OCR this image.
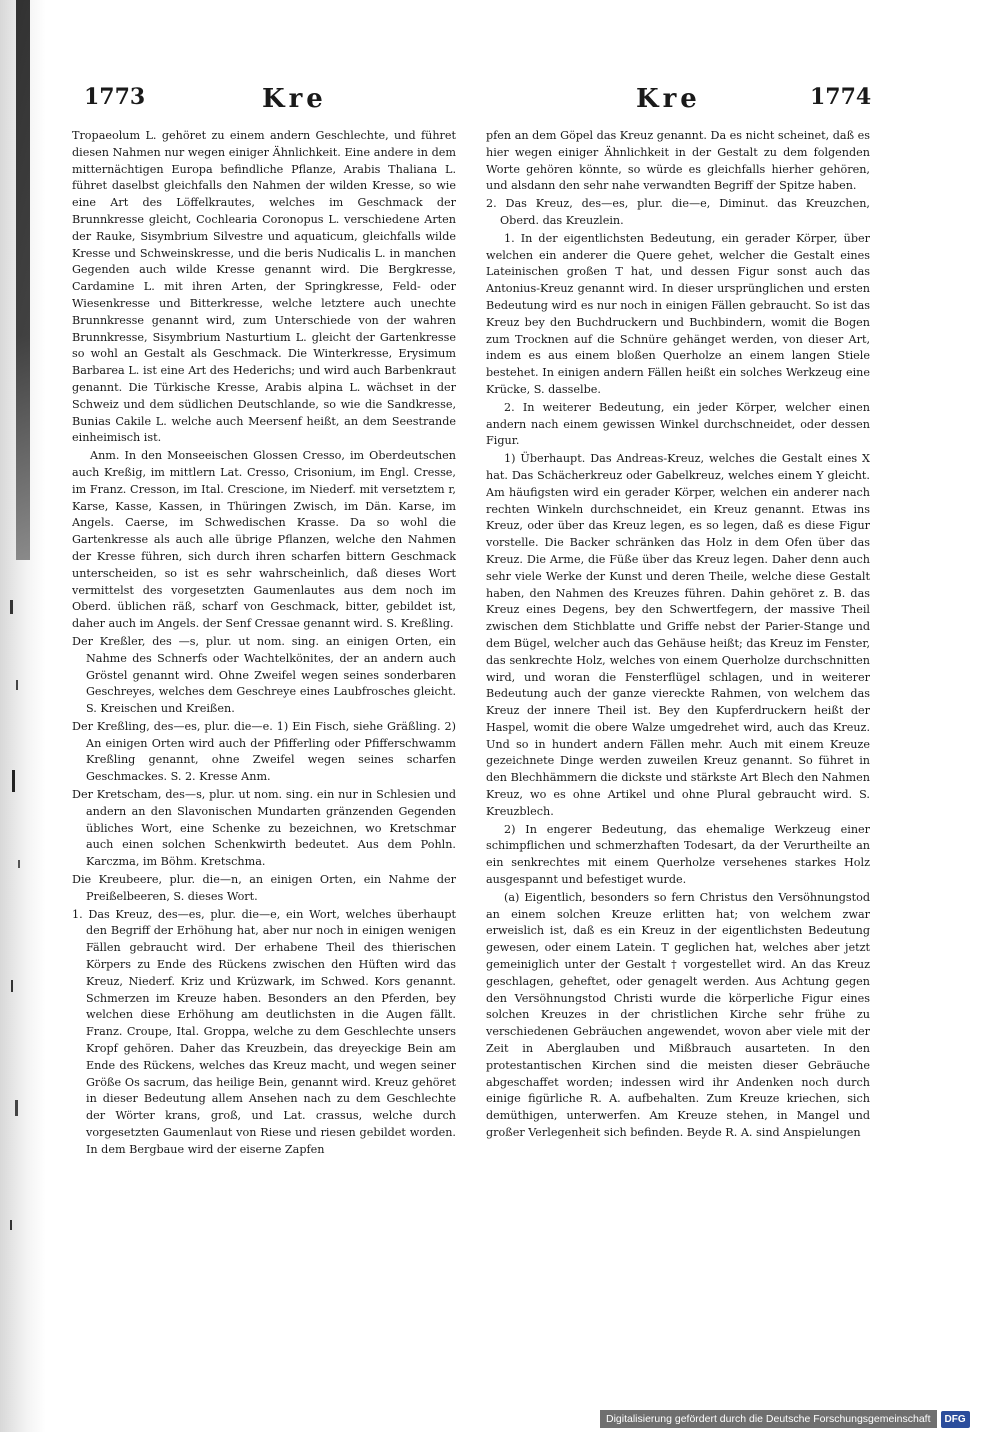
1773	Kre	Kre	1774

Tropaeolum L. gehöret zu einem andern Geschlechte, und führet diesen Nahmen nur wegen einiger Ähnlichkeit. Eine andere in dem mitternächtigen Europa befindliche Pflanze, Arabis Thaliana L. führet daselbst gleichfalls den Nahmen der wilden Kresse, so wie eine Art des Löffelkrautes, welches im Geschmack der Brunnkresse gleicht, Cochlearia Coronopus L. verschiedene Arten der Rauke, Sisymbrium Silvestre und aquaticum, gleichfalls wilde Kresse und Schweinskresse, und die beris Nudicalis L. in manchen Gegenden auch wilde Kresse genannt wird. Die Bergkresse, Cardamine L. mit ihren Arten, der Springkresse, Feld- oder Wiesenkresse und Bitterkresse, welche letztere auch unechte Brunnkresse genannt wird, zum Unterschiede von der wahren Brunnkresse, Sisymbrium Nasturtium L. gleicht der Gartenkresse so wohl an Gestalt als Geschmack. Die Winterkresse, Erysimum Barbarea L. ist eine Art des Hederichs; und wird auch Barbenkraut genannt. Die Türkische Kresse, Arabis alpina L. wächset in der Schweiz und dem südlichen Deutschlande, so wie die Sandkresse, Bunias Cakile L. welche auch Meersenf heißt, an dem Seestrande einheimisch ist.

Anm. In den Monseeischen Glossen Cresso, im Oberdeutschen auch Kreßig, im mittlern Lat. Cresso, Crisonium, im Engl. Cresse, im Franz. Cresson, im Ital. Crescione, im Niederf. mit versetztem r, Karse, Kasse, Kassen, in Thüringen Zwisch, im Dän. Karse, im Angels. Caerse, im Schwedischen Krasse. Da so wohl die Gartenkresse als auch alle übrige Pflanzen, welche den Nahmen der Kresse führen, sich durch ihren scharfen bittern Geschmack unterscheiden, so ist es sehr wahrscheinlich, daß dieses Wort vermittelst des vorgesetzten Gaumenlautes aus dem noch im Oberd. üblichen räß, scharf von Geschmack, bitter, gebildet ist, daher auch im Angels. der Senf Cressae genannt wird. S. Kreßling.

Der Kreßler, des —s, plur. ut nom. sing. an einigen Orten, ein Nahme des Schnerfs oder Wachtelkönites, der an andern auch Gröstel genannt wird. Ohne Zweifel wegen seines sonderbaren Geschreyes, welches dem Geschreye eines Laubfrosches gleicht. S. Kreischen und Kreißen.

Der Kreßling, des—es, plur. die—e. 1) Ein Fisch, siehe Gräßling. 2) An einigen Orten wird auch der Pfifferling oder Pfifferschwamm Kreßling genannt, ohne Zweifel wegen seines scharfen Geschmackes. S. 2. Kresse Anm.

Der Kretscham, des—s, plur. ut nom. sing. ein nur in Schlesien und andern an den Slavonischen Mundarten gränzenden Gegenden übliches Wort, eine Schenke zu bezeichnen, wo Kretschmar auch einen solchen Schenkwirth bedeutet. Aus dem Pohln. Karczma, im Böhm. Kretschma.

Die Kreubeere, plur. die—n, an einigen Orten, ein Nahme der Preißelbeeren, S. dieses Wort.

1. Das Kreuz, des—es, plur. die—e, ein Wort, welches überhaupt den Begriff der Erhöhung hat, aber nur noch in einigen wenigen Fällen gebraucht wird. Der erhabene Theil des thierischen Körpers zu Ende des Rückens zwischen den Hüften wird das Kreuz, Niederf. Kriz und Krüzwark, im Schwed. Kors genannt. Schmerzen im Kreuze haben. Besonders an den Pferden, bey welchen diese Erhöhung am deutlichsten in die Augen fällt. Franz. Croupe, Ital. Groppa, welche zu dem Geschlechte unsers Kropf gehören. Daher das Kreuzbein, das dreyeckige Bein am Ende des Rückens, welches das Kreuz macht, und wegen seiner Größe Os sacrum, das heilige Bein, genannt wird. Kreuz gehöret in dieser Bedeutung allem Ansehen nach zu dem Geschlechte der Wörter krans, groß, und Lat. crassus, welche durch vorgesetzten Gaumenlaut von Riese und riesen gebildet worden. In dem Bergbaue wird der eiserne Zapfen

pfen an dem Göpel das Kreuz genannt. Da es nicht scheinet, daß es hier wegen einiger Ähnlichkeit in der Gestalt zu dem folgenden Worte gehören könnte, so würde es gleichfalls hierher gehören, und alsdann den sehr nahe verwandten Begriff der Spitze haben.

2. Das Kreuz, des—es, plur. die—e, Diminut. das Kreuzchen, Oberd. das Kreuzlein.

1. In der eigentlichsten Bedeutung, ein gerader Körper, über welchen ein anderer die Quere gehet, welcher die Gestalt eines Lateinischen großen T hat, und dessen Figur sonst auch das Antonius-Kreuz genannt wird. In dieser ursprünglichen und ersten Bedeutung wird es nur noch in einigen Fällen gebraucht. So ist das Kreuz bey den Buchdruckern und Buchbindern, womit die Bogen zum Trocknen auf die Schnüre gehänget werden, von dieser Art, indem es aus einem bloßen Querholze an einem langen Stiele bestehet. In einigen andern Fällen heißt ein solches Werkzeug eine Krücke, S. dasselbe.

2. In weiterer Bedeutung, ein jeder Körper, welcher einen andern nach einem gewissen Winkel durchschneidet, oder dessen Figur.

1) Überhaupt. Das Andreas-Kreuz, welches die Gestalt eines X hat. Das Schächerkreuz oder Gabelkreuz, welches einem Y gleicht. Am häufigsten wird ein gerader Körper, welchen ein anderer nach rechten Winkeln durchschneidet, ein Kreuz genannt. Etwas ins Kreuz, oder über das Kreuz legen, es so legen, daß es diese Figur vorstelle. Die Backer schränken das Holz in dem Ofen über das Kreuz. Die Arme, die Füße über das Kreuz legen. Daher denn auch sehr viele Werke der Kunst und deren Theile, welche diese Gestalt haben, den Nahmen des Kreuzes führen. Dahin gehöret z. B. das Kreuz eines Degens, bey den Schwertfegern, der massive Theil zwischen dem Stichblatte und Griffe nebst der Parier-Stange und dem Bügel, welcher auch das Gehäuse heißt; das Kreuz im Fenster, das senkrechte Holz, welches von einem Querholze durchschnitten wird, und woran die Fensterflügel schlagen, und in weiterer Bedeutung auch der ganze viereckte Rahmen, von welchem das Kreuz der innere Theil ist. Bey den Kupferdruckern heißt der Haspel, womit die obere Walze umgedrehet wird, auch das Kreuz. Und so in hundert andern Fällen mehr. Auch mit einem Kreuze gezeichnete Dinge werden zuweilen Kreuz genannt. So führet in den Blechhämmern die dickste und stärkste Art Blech den Nahmen Kreuz, wo es ohne Artikel und ohne Plural gebraucht wird. S. Kreuzblech.

2) In engerer Bedeutung, das ehemalige Werkzeug einer schimpflichen und schmerzhaften Todesart, da der Verurtheilte an ein senkrechtes mit einem Querholze versehenes starkes Holz ausgespannt und befestiget wurde.

(a) Eigentlich, besonders so fern Christus den Versöhnungstod an einem solchen Kreuze erlitten hat; von welchem zwar erweislich ist, daß es ein Kreuz in der eigentlichsten Bedeutung gewesen, oder einem Latein. T geglichen hat, welches aber jetzt gemeiniglich unter der Gestalt † vorgestellet wird. An das Kreuz geschlagen, geheftet, oder genagelt werden. Aus Achtung gegen den Versöhnungstod Christi wurde die körperliche Figur eines solchen Kreuzes in der christlichen Kirche sehr frühe zu verschiedenen Gebräuchen angewendet, wovon aber viele mit der Zeit in Aberglauben und Mißbrauch ausarteten. In den protestantischen Kirchen sind die meisten dieser Gebräuche abgeschaffet worden; indessen wird ihr Andenken noch durch einige figürliche R. A. aufbehalten. Zum Kreuze kriechen, sich demüthigen, unterwerfen. Am Kreuze stehen, in Mangel und großer Verlegenheit sich befinden. Beyde R. A. sind Anspielungen

Digitalisierung gefördert durch die Deutsche Forschungsgemeinschaft	DFG
